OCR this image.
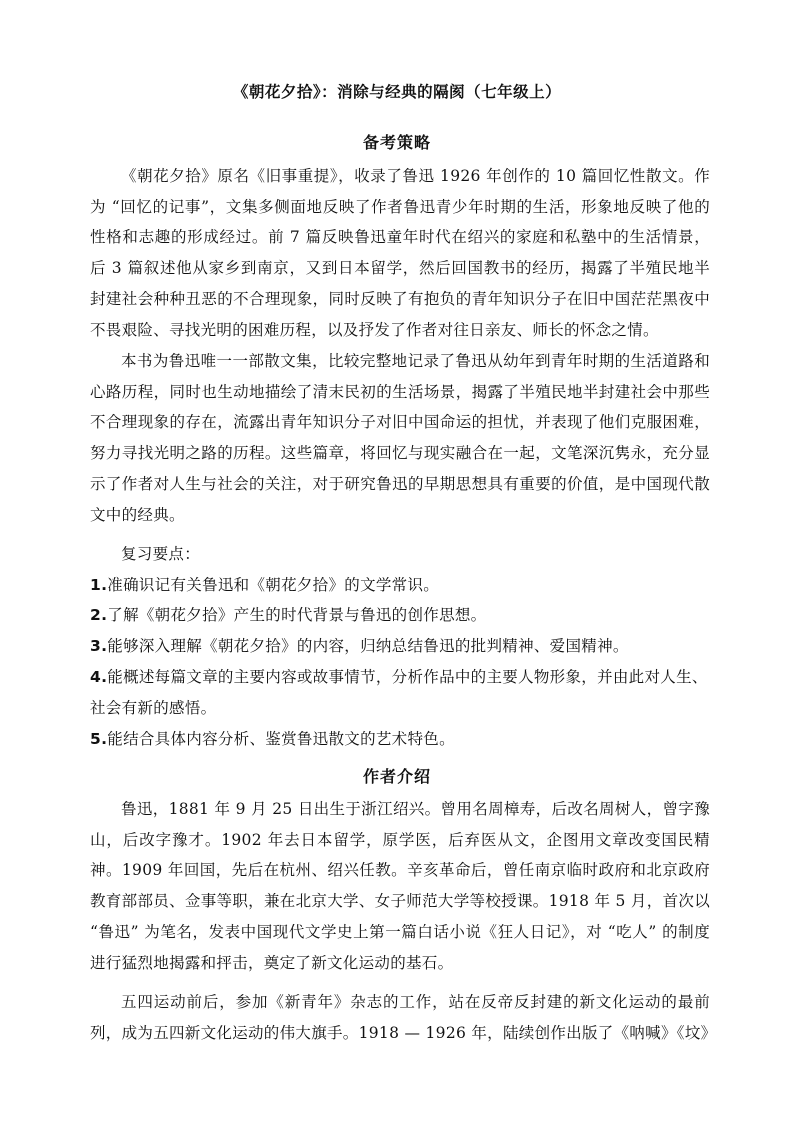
《朝花夕拾》：消除与经典的隔阂（七年级上）
备考策略

《朝花夕拾》原名《旧事重提》，收录了鲁迅 1926 年创作的 10 篇回忆性散文。作为 “回忆的记事”，文集多侧面地反映了作者鲁迅青少年时期的生活，形象地反映了他的性格和志趣的形成经过。前 7 篇反映鲁迅童年时代在绍兴的家庭和私塾中的生活情景，后 3 篇叙述他从家乡到南京，又到日本留学，然后回国教书的经历，揭露了半殖民地半封建社会种种丑恶的不合理现象，同时反映了有抱负的青年知识分子在旧中国茫茫黑夜中不畏艰险、寻找光明的困难历程，以及抒发了作者对往日亲友、师长的怀念之情。

本书为鲁迅唯一一部散文集，比较完整地记录了鲁迅从幼年到青年时期的生活道路和心路历程，同时也生动地描绘了清末民初的生活场景，揭露了半殖民地半封建社会中那些不合理现象的存在，流露出青年知识分子对旧中国命运的担忧，并表现了他们克服困难，努力寻找光明之路的历程。这些篇章，将回忆与现实融合在一起，文笔深沉隽永，充分显示了作者对人生与社会的关注，对于研究鲁迅的早期思想具有重要的价值，是中国现代散文中的经典。

复习要点：

1.准确识记有关鲁迅和《朝花夕拾》的文学常识。

2.了解《朝花夕拾》产生的时代背景与鲁迅的创作思想。

3.能够深入理解《朝花夕拾》的内容，归纳总结鲁迅的批判精神、爱国精神。

4.能概述每篇文章的主要内容或故事情节，分析作品中的主要人物形象，并由此对人生、社会有新的感悟。

5.能结合具体内容分析、鉴赏鲁迅散文的艺术特色。

作者介绍

鲁迅，1881 年 9 月 25 日出生于浙江绍兴。曾用名周樟寿，后改名周树人，曾字豫山，后改字豫才。1902 年去日本留学，原学医，后弃医从文，企图用文章改变国民精神。1909 年回国，先后在杭州、绍兴任教。辛亥革命后，曾任南京临时政府和北京政府教育部部员、佥事等职，兼在北京大学、女子师范大学等校授课。1918 年 5 月，首次以 “鲁迅” 为笔名，发表中国现代文学史上第一篇白话小说《狂人日记》，对 “吃人” 的制度进行猛烈地揭露和抨击，奠定了新文化运动的基石。

五四运动前后，参加《新青年》杂志的工作，站在反帝反封建的新文化运动的最前列，成为五四新文化运动的伟大旗手。1918 — 1926 年，陆续创作出版了《呐喊》《坟》
